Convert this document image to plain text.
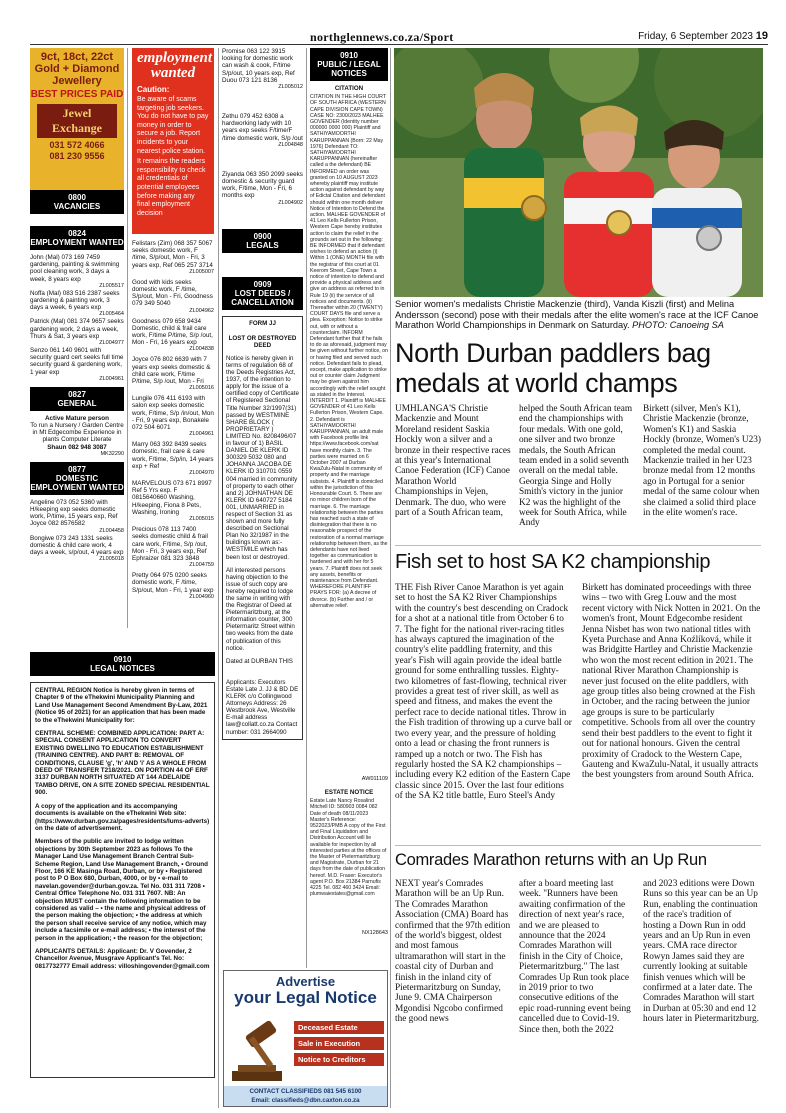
northglennews.co.za/Sport	Friday, 6 September 2023 19
9ct, 18ct, 22ct
Gold + Diamond
Jewellery
BEST PRICES PAID
Jewel
Exchange
031 572 4066
081 230 9556
0800
VACANCIES
0824
EMPLOYMENT WANTED
John (Mal) 073 169 7459 gardening, painting & swimming pool cleaning work, 3 days a week, 8 years exp
ZL005517
Noffa (Mal) 083 516 2387 seeks gardening & painting work, 3 days a week, 6 years exp
ZL005464
Patrick (Mal) 081 374 9657 seeks gardening work, 2 days a week, Thurs & Sat, 3 years exp
ZL004977
Senzo 061 140 9601 with security guard cert seeks full time security guard & gardening work, 1 year exp
ZL004961
0827
GENERAL
Active Mature person
To run a Nursery / Garden Centre in Mt Edgecombe Experience in plants Computer Literate
Shaun 082 948 3087
MK32290
0877
DOMESTIC EMPLOYMENT WANTED
Angeline 073 052 5360 with H/keeping exp seeks domestic work, P/time, 15 years exp, Ref Joyce 082 8576582
ZL004458
Bongiwe 073 243 1331 seeks domestic & child care work, 4 days a week, s/p/out, 4 years exp
ZL005018
employment
wanted
Caution:

Be aware of scams targeting job seekers. You do not have to pay money in order to secure a job. Report incidents to your nearest police station.

It remains the readers responsibility to check all credentials of potential employees before making any final employment decision

Felistars (Zim) 068 357 5067 seeks domestic work, F /time, S/p/out, Mon - Fri, 3 years exp, Ref 065 257 3714
ZL005007
Good with kids seeks domestic work, F /time, S/p/out, Mon - Fri, Goodness 079 349 5040
ZL004962
Goodness 079 658 9434 Domestic, child & frail care work, F/time P/time, S/p /out, Mon - Fri, 16 years exp
ZL004838
Joyce 076 802 6639 with 7 years exp seeks domestic & child care work, F/time P/time, S/p /out, Mon - Fri
ZL005016
Lungile 076 411 6193 with salon exp seeks domestic work, F/time, S/p /in/out, Mon - Fri, 9 years exp, Bonakele 072 504 6071
ZL004961
Marry 063 392 8439 seeks domestic, frail care & care work, F/time, S/p/in, 14 years exp + Ref
ZL004970
MARVELOUS 073 671 8997 Ref 5 Yrs exp. F 0815640660 Washing, H/keeping, Fiona 8 Pets, Washing, Ironing
ZL005015
Precious 078 113 7400 seeks domestic child & frail care work, F/time, S/p /out, Mon - Fri, 3 years exp, Ref Ephraizer 081 323 3848
ZL004759
Pretty 064 975 0200 seeks domestic work, F /time, S/p/out, Mon - Fri, 1 year exp
ZL004960
Promise 063 122 3915 looking for domestic work can wash & cook, F/time S/p/out, 10 years exp, Ref Duou 073 121 8136
ZL005012
Zethu 079 452 6308 a hardworking lady with 10 years exp seeks F/time/F /time domestic work, S/p /out
ZL004848
Ziyanda 063 350 2099 seeks domestic & security guard work, F/time, Mon - Fri, 6 months exp
ZL004902
0900
LEGALS
0909
LOST DEEDS / CANCELLATION
FORM JJ
LOST OR DESTROYED DEED
Notice is hereby given in terms of regulation 68 of the Deeds Registries Act, 1937, of the intention to apply for the issue of a certified copy of Certificate of Registered Sectional Title Number 32/1997(31) passed by WESTMINE SHARE BLOCK ( PROPRIETARY ) LIMITED No. 8208496/07 in favour of 1) BASIL DANIEL DE KLERK ID 300329 5032 080 and JOHANNA JACOBA DE KLERK ID 310701 0559 004 married in community of property to each other and 2) JOHNATHAN DE KLERK ID 640727 5184 001, UNMARRIED in respect of Section 31 as shown and more fully described on Sectional Plan No 32/1987 in the buildings known as:- WESTMILE which has been lost or destroyed.
All interested persons having objection to the issue of such copy are hereby required to lodge the same in writing with the Registrar of Deed at Pietermaritzburg, at the information counter, 300 Pietermaritz Street within two weeks from the date of publication of this notice.
Dated at DURBAN THIS
Applicants: Executors Estate Late J. JJ & BD DE KLERK c/o Collingwood Attorneys Address: 26 Westbrook Ave, Westville E-mail address law@collatt.co.za Contact number: 031 2664090
0910
PUBLIC / LEGAL NOTICES
CITATION
CITATION IN THE HIGH COURT OF SOUTH AFRICA (WESTERN CAPE DIVISION CAPE TOWN) CASE NO: 2300/2023 MALHEE GOVENDER (Identity number 000000 0000 000) Plaintiff and SATHIYAMOORTHI KARUPPANNAN (Born: 22 May 1976) Defendant TO: SATHIYAMOORTHI KARUPPANNAN (hereinafter called a the defendant) BE INFORMED an order was granted on 10 AUGUST 2023 whereby plaintiff may institute action against defendant by way of Edictal Citation and defendant should within one month deliver Notice of Intention to Defend the action. MALHEE GOVENDER of 41 Leo Kells Fullerton Prison, Western Cape hereby institutes action to claim the relief in the grounds set out in the following: BE INFORMED that if defendant wishes to defend an action (i) Within 1 (ONE) MONTH file with the registrar of this court at 01 Keerom Street, Cape Town a notice of intention to defend and provide a physical address and give an address as referred to in Rule 19 (ii) the service of all notices and documents. (ii) Thereafter within 20 (TWENTY) COURT DAYS file and serve a plea. Exception: Notice to strike out, with or without a counterclaim. INFORM Defendant further that if he fails to do as aforesaid, judgment may be given without further notice, on or having filed and served such notice. Defendant fails to plead, except, make application to strike out or counter claim Judgment may be given against him accordingly with the relief sought as stated in the Interest. INTERDIT 1. Plaintiff is MALHEE GOVENDER of 41 Leo Kells Fullerton Prison, Western Cape. 2. Defendant is SATHIYAMOORTHI KARUPPANNAN, an adult male with Facebook profile link https://www.facebook.com/sat have monthly claim. 3. The parties were married on 6 October 2007 at Durban KwaZulu-Natal in community of property and the marriage subsists. 4. Plaintiff is domiciled within the jurisdiction of this Honourable Court. 5. There are no minor children born of the marriage. 6. The marriage relationship between the parties has reached such a state of disintegration that there is no reasonable prospect of the restoration of a normal marriage relationship between them, as the defendants have not lived together as communication is hardened and with her for 5 years. 7. Plaintiff does not seek any assets, benefits or maintenance from Defendant. WHEREFORE PLAINTIFF PRAYS FOR: (a) A decree of divorce. (b) Further and / or alternative relief.
AW011109
ESTATE NOTICE
Estate Late Nancy Rosalind Mitchell ID: 580903 0084 082 Date of death 08/11/2023 Master's Reference: 9522023/PMB A copy of the First and Final Liquidation and Distribution Account will lie available for inspection by all interested parties at the offices of the Master of Pietermaritzburg and Magistrate, Durban for 21 days from the date of publication hereof. M.D. Fraser: Executor's agent P.O. Box 21384 Parnufis 4225 Tel. 082 460 3424 Email: plumwaiestates@gmail.com
NX128643
0910
LEGAL NOTICES
CENTRAL REGION Notice is hereby given in terms of Chapter 9 of the eThekwini Municipality Planning and Land Use Management Second Amendment By-Law, 2021 (Notice 95 of 2021) for an application that has been made to the eThekwini Municipality for:
CENTRAL SCHEME: COMBINED APPLICATION: PART A: SPECIAL CONSENT APPLICATION TO CONVERT EXISTING DWELLING TO EDUCATION ESTABLISHMENT (TRAINING CENTRE). AND PART B: REMOVAL OF CONDITIONS, CLAUSE 'g', 'h' AND 'i' AS A WHOLE FROM DEED OF TRANSFER T218/2021. ON PORTION 44 OF ERF 3137 DURBAN NORTH SITUATED AT 144 ADELAIDE TAMBO DRIVE, ON A SITE ZONED SPECIAL RESIDENTIAL 900.
A copy of the application and its accompanying documents is available on the eThekwini Web site: (https://www.durban.gov.za/pages/residents/lums-adverts) on the date of advertisement.
Members of the public are invited to lodge written objections by 30th September 2023 as follows To the Manager Land Use Management Branch Central Sub-Scheme Region, Land Use Management Branch, • Ground Floor, 166 KE Masinga Road, Durban, or by • Registered post to P O Box 680, Durban, 4000, or by • e-mail to navelan.govender@durban.gov.za. Tel No. 031 311 7208 • Central Office Telephone No. 031 311 7607. NB: An objection MUST contain the following information to be considered as valid – • the name and physical address of the person making the objection; • the address at which the person shall receive service of any notice, which may include a facsimile or e-mail address; • the interest of the person in the application; • the reason for the objection;
APPLICANTS DETAILS: Applicant: Dr. V Govender, 2 Chancellor Avenue, Musgrave Applicant's Tel. No: 0817732777 Email address: villoshingovender@gmail.com
Advertise
your Legal Notice
Deceased Estate
Sale in Execution
Notice to Creditors
CONTACT CLASSIFIEDS 081 545 6100
Email: classifieds@dbn.caxton.co.za
Senior women's medalists Christie Mackenzie (third), Vanda Kiszli (first) and Melina Andersson (second) pose with their medals after the elite women's race at the ICF Canoe Marathon World Championships in Denmark on Saturday. PHOTO: Canoeing SA
North Durban paddlers bag medals at world champs
UMHLANGA'S Christie Mackenzie and Mount Moreland resident Saskia Hockly won a silver and a bronze in their respective races at this year's International Canoe Federation (ICF) Canoe Marathon World Championships in Vejen, Denmark. The duo, who were part of a South African team,
helped the South African team end the championships with four medals. With one gold, one silver and two bronze medals, the South African team ended in a solid seventh overall on the medal table. Georgia Singe and Holly Smith's victory in the junior K2 was the highlight of the week for South Africa, while Andy
Birkett (silver, Men's K1), Christie Mackenzie (bronze, Women's K1) and Saskia Hockly (bronze, Women's U23) completed the medal count. Mackenzie trailed in her U23 bronze medal from 12 months ago in Portugal for a senior medal of the same colour when she claimed a solid third place in the elite women's race.
Fish set to host SA K2 championship
THE Fish River Canoe Marathon is yet again set to host the SA K2 River Championships with the country's best descending on Cradock for a shot at a national title from October 6 to 7. The fight for the national river-racing titles has always captured the imagination of the country's elite paddling fraternity, and this year's Fish will again provide the ideal battle ground for some enthralling tussles. Eighty-two kilometres of fast-flowing, technical river provides a great test of river skill, as well as speed and fitness, and makes the event the perfect race to decide national titles. Throw in the Fish tradition of throwing up a curve ball or two every year, and the pressure of holding onto a lead or chasing the front runners is ramped up a notch or two. The Fish has regularly hosted the SA K2 championships – including every K2 edition of the Eastern Cape classic since 2015. Over the last four editions of the SA K2 title battle, Euro Steel's Andy
Birkett has dominated proceedings with three wins – two with Greg Louw and the most recent victory with Nick Notten in 2021. On the women's front, Mount Edgecombe resident Jenna Nisbet has won two national titles with Kyeta Purchase and Anna Koźlíková, while it was Bridgitte Hartley and Christie Mackenzie who won the most recent edition in 2021. The national River Marathon Championship is never just focused on the elite paddlers, with age group titles also being crowned at the Fish in October, and the racing between the junior age groups is sure to be particularly competitive. Schools from all over the country send their best paddlers to the event to fight it out for national honours. Given the central proximity of Cradock to the Western Cape, Gauteng and KwaZulu-Natal, it usually attracts the best youngsters from around South Africa.
Comrades Marathon returns with an Up Run
NEXT year's Comrades Marathon will be an Up Run. The Comrades Marathon Association (CMA) Board has confirmed that the 97th edition of the world's biggest, oldest and most famous ultramarathon will start in the coastal city of Durban and finish in the inland city of Pietermaritzburg on Sunday, June 9. CMA Chairperson Mgondisi Ngcobo confirmed the good news
after a board meeting last week. "Runners have been awaiting confirmation of the direction of next year's race, and we are pleased to announce that the 2024 Comrades Marathon will finish in the City of Choice, Pietermaritzburg." The last Comrades Up Run took place in 2019 prior to two consecutive editions of the epic road-running event being cancelled due to Covid-19. Since then, both the 2022
and 2023 editions were Down Runs so this year can be an Up Run, enabling the continuation of the race's tradition of hosting a Down Run in odd years and an Up Run in even years. CMA race director Rowyn James said they are currently looking at suitable finish venues which will be confirmed at a later date. The Comrades Marathon will start in Durban at 05:30 and end 12 hours later in Pietermaritzburg.
